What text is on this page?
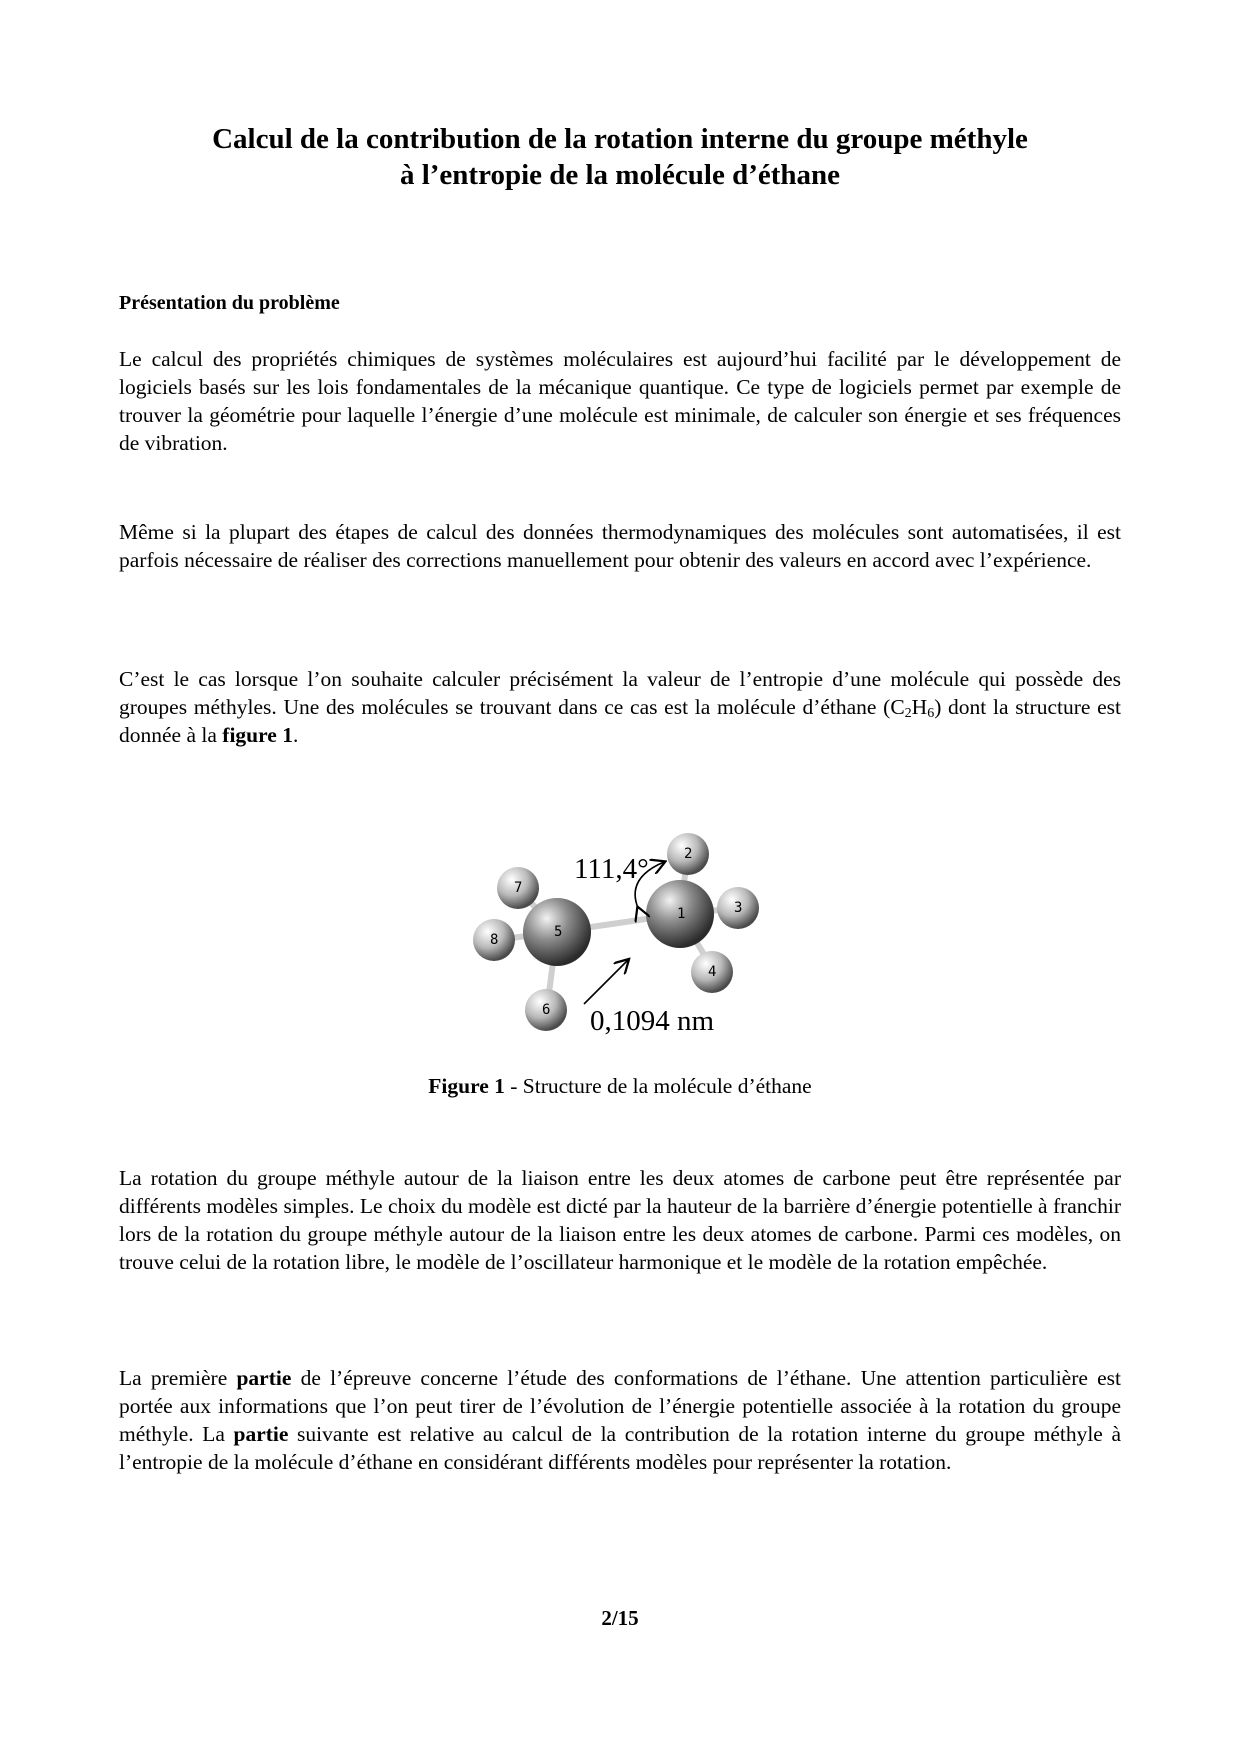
Calcul de la contribution de la rotation interne du groupe méthyle
à l’entropie de la molécule d’éthane
Présentation du problème

Le calcul des propriétés chimiques de systèmes moléculaires est aujourd’hui facilité par le développement de logiciels basés sur les lois fondamentales de la mécanique quantique. Ce type de logiciels permet par exemple de trouver la géométrie pour laquelle l’énergie d’une molécule est minimale, de calculer son énergie et ses fréquences de vibration.

Même si la plupart des étapes de calcul des données thermodynamiques des molécules sont automatisées, il est parfois nécessaire de réaliser des corrections manuellement pour obtenir des valeurs en accord avec l’expérience.

C’est le cas lorsque l’on souhaite calculer précisément la valeur de l’entropie d’une molécule qui possède des groupes méthyles. Une des molécules se trouvant dans ce cas est la molécule d’éthane $(C_2H_6)$ dont la structure est donnée à la figure 1.

1
2
3
4
5
6
7
8
111,4°
0,1094 nm
Figure 1 - Structure de la molécule d’éthane

La rotation du groupe méthyle autour de la liaison entre les deux atomes de carbone peut être représentée par différents modèles simples. Le choix du modèle est dicté par la hauteur de la barrière d’énergie potentielle à franchir lors de la rotation du groupe méthyle autour de la liaison entre les deux atomes de carbone. Parmi ces modèles, on trouve celui de la rotation libre, le modèle de l’oscillateur harmonique et le modèle de la rotation empêchée.

La première partie de l’épreuve concerne l’étude des conformations de l’éthane. Une attention particulière est portée aux informations que l’on peut tirer de l’évolution de l’énergie potentielle associée à la rotation du groupe méthyle. La partie suivante est relative au calcul de la contribution de la rotation interne du groupe méthyle à l’entropie de la molécule d’éthane en considérant différents modèles pour représenter la rotation.

2/15
